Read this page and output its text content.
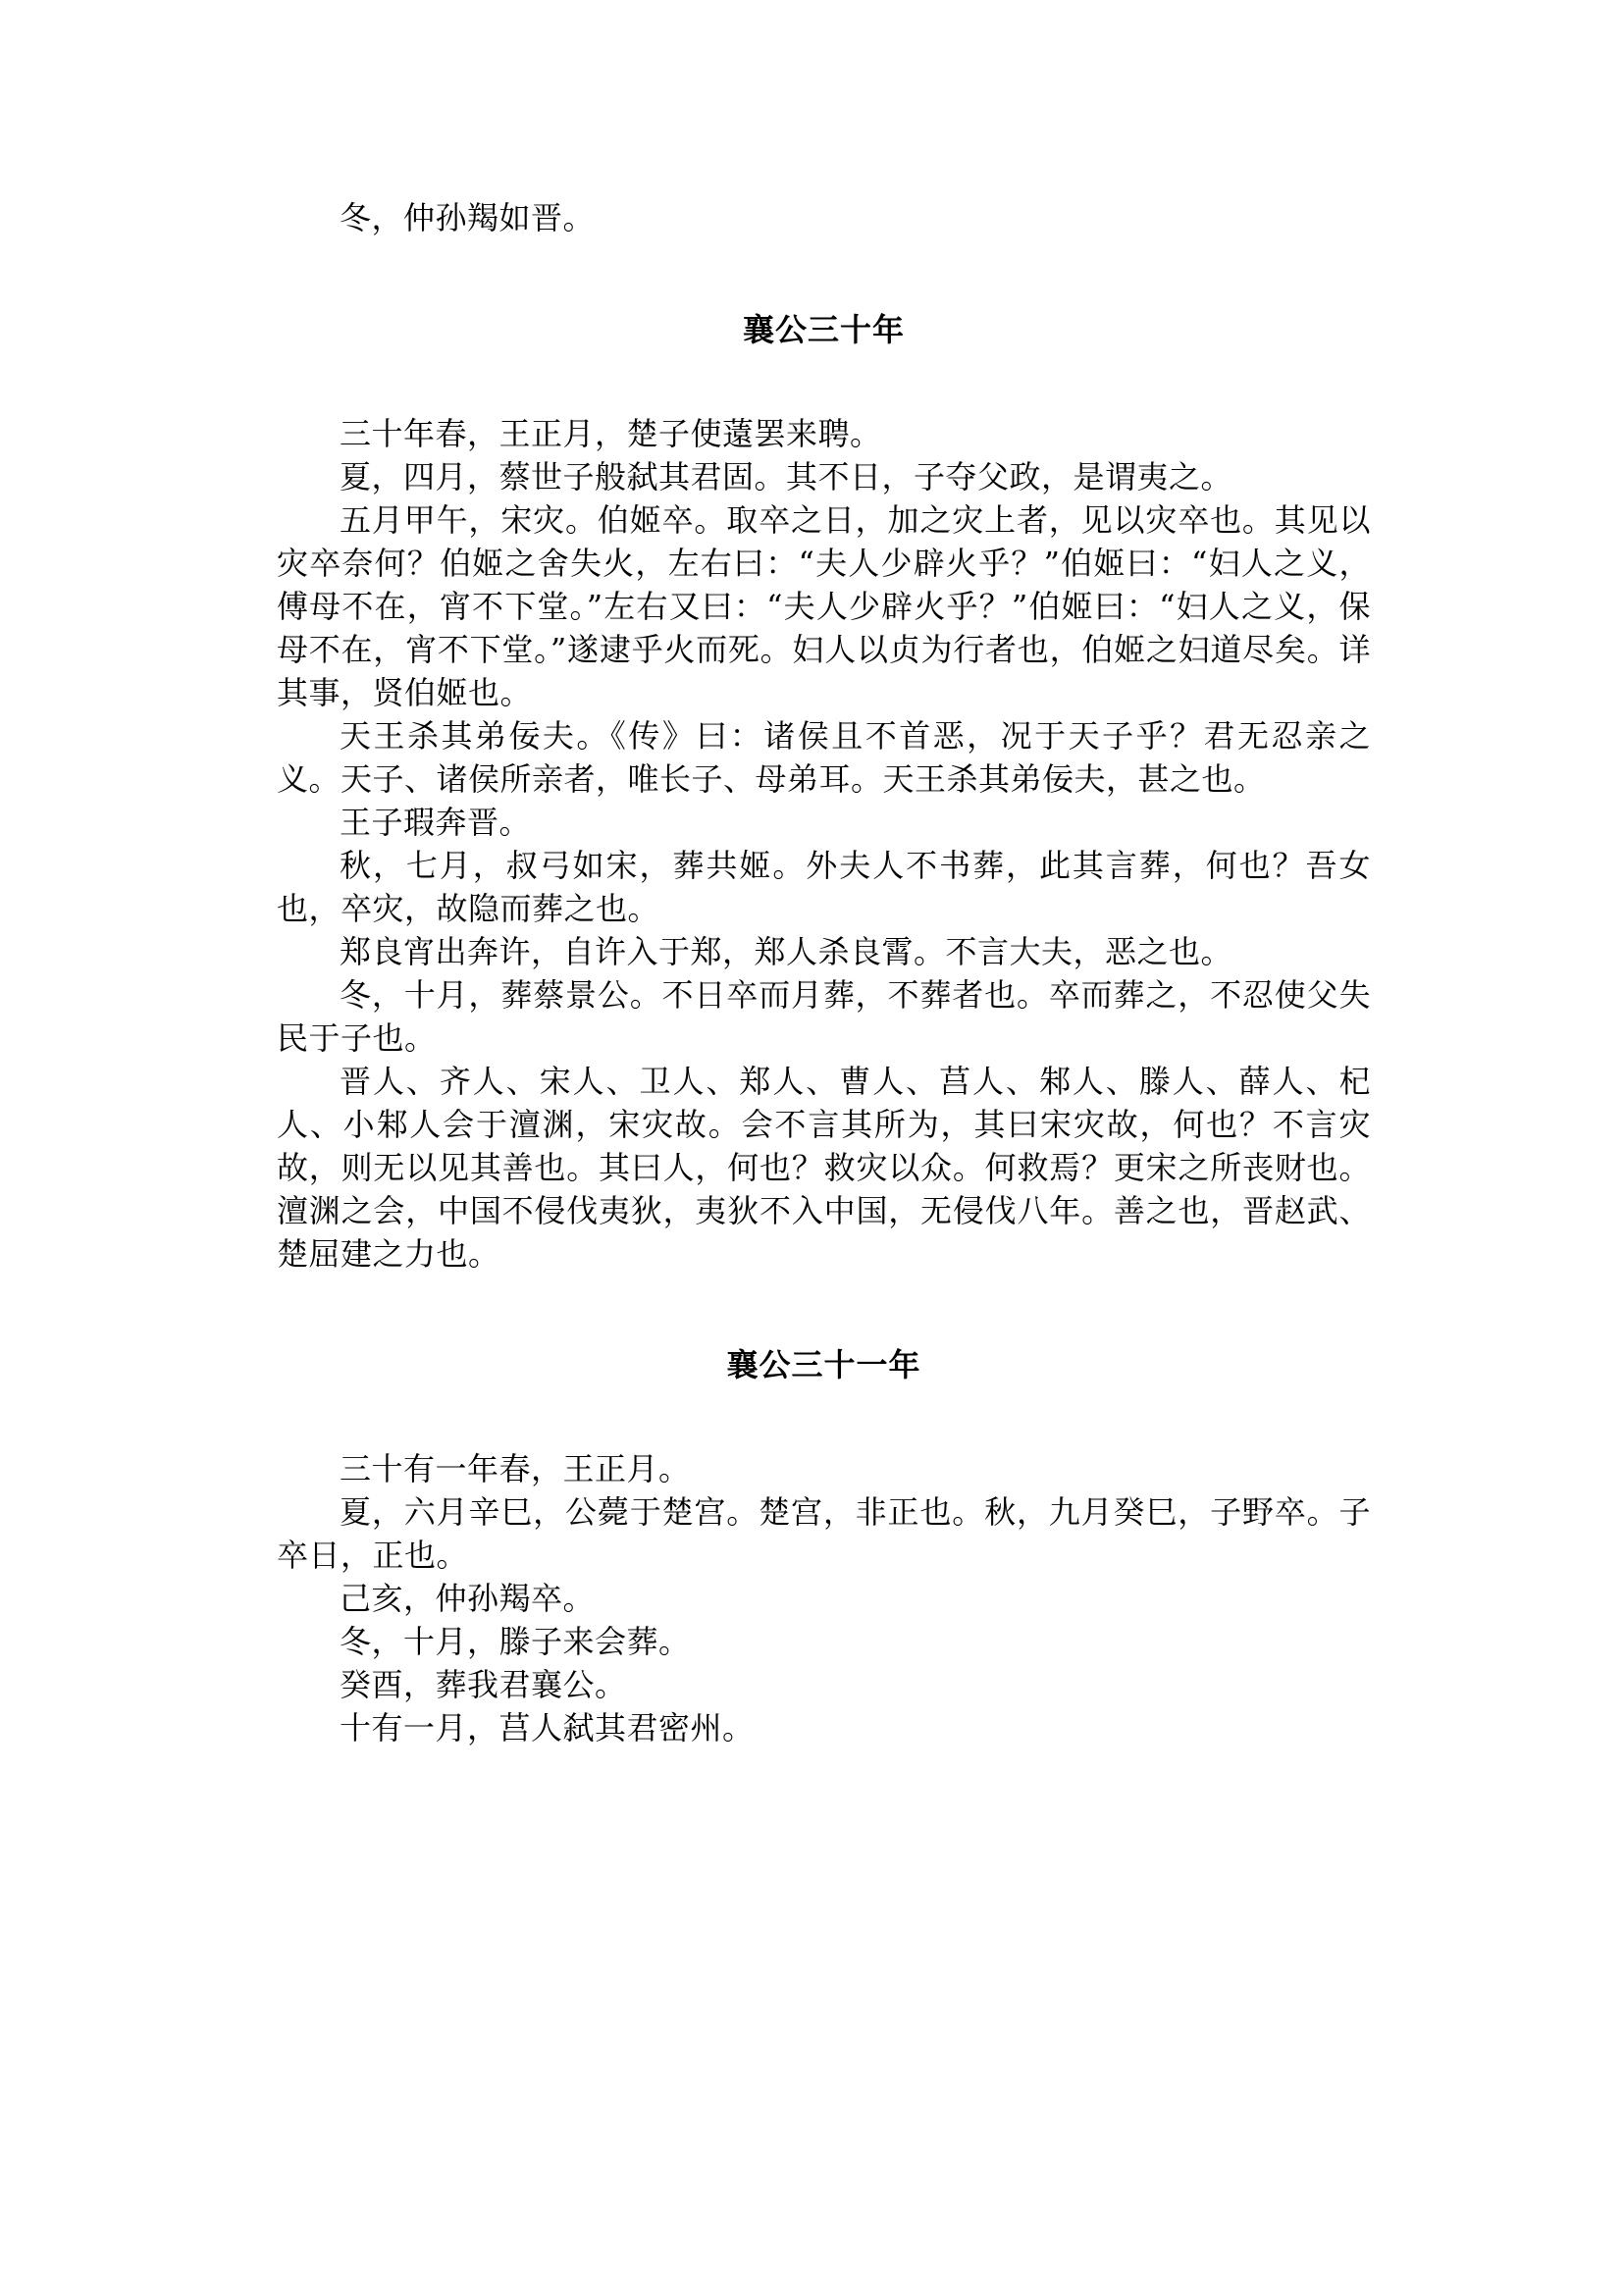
冬，仲孙羯如晋。

襄公三十年

三十年春，王正月，楚子使薳罢来聘。

夏，四月，蔡世子般弑其君固。其不日，子夺父政，是谓夷之。

五月甲午，宋灾。伯姬卒。取卒之日，加之灾上者，见以灾卒也。其见以灾卒奈何？伯姬之舍失火，左右曰：“夫人少辟火乎？”伯姬曰：“妇人之义，傅母不在，宵不下堂。”左右又曰：“夫人少辟火乎？”伯姬曰：“妇人之义，保母不在，宵不下堂。”遂逮乎火而死。妇人以贞为行者也，伯姬之妇道尽矣。详其事，贤伯姬也。

天王杀其弟佞夫。《传》曰：诸侯且不首恶，况于天子乎？君无忍亲之义。天子、诸侯所亲者，唯长子、母弟耳。天王杀其弟佞夫，甚之也。

王子瑕奔晋。

秋，七月，叔弓如宋，葬共姬。外夫人不书葬，此其言葬，何也？吾女也，卒灾，故隐而葬之也。

郑良宵出奔许，自许入于郑，郑人杀良霄。不言大夫，恶之也。

冬，十月，葬蔡景公。不日卒而月葬，不葬者也。卒而葬之，不忍使父失民于子也。

晋人、齐人、宋人、卫人、郑人、曹人、莒人、邾人、滕人、薛人、杞人、小邾人会于澶渊，宋灾故。会不言其所为，其曰宋灾故，何也？不言灾故，则无以见其善也。其曰人，何也？救灾以众。何救焉？更宋之所丧财也。澶渊之会，中国不侵伐夷狄，夷狄不入中国，无侵伐八年。善之也，晋赵武、楚屈建之力也。

襄公三十一年

三十有一年春，王正月。

夏，六月辛巳，公薨于楚宫。楚宫，非正也。秋，九月癸巳，子野卒。子卒日，正也。

己亥，仲孙羯卒。

冬，十月，滕子来会葬。

癸酉，葬我君襄公。

十有一月，莒人弑其君密州。
